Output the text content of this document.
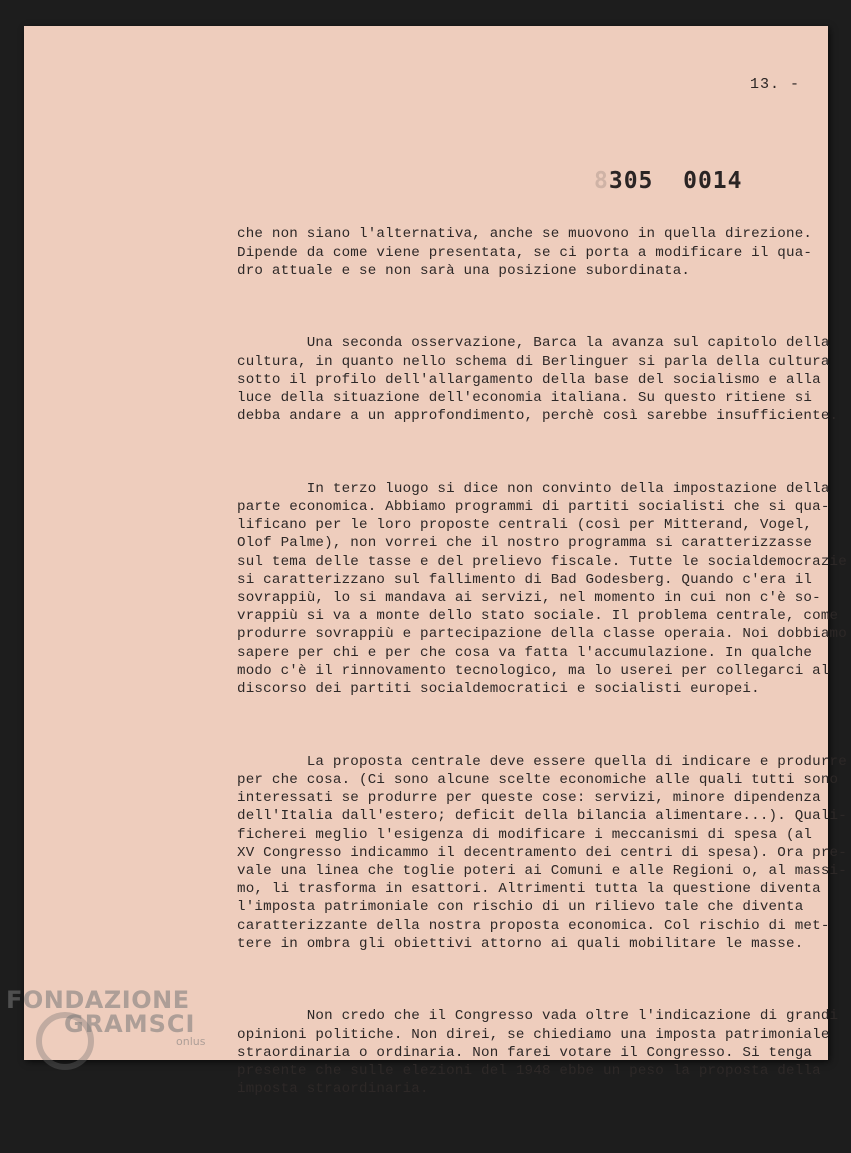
13. -
8305 0014

che non siano l'alternativa, anche se muovono in quella direzione.
Dipende da come viene presentata, se ci porta a modificare il qua-
dro attuale e se non sarà una posizione subordinata.

Una seconda osservazione, Barca la avanza sul capitolo della
cultura, in quanto nello schema di Berlinguer si parla della cultura
sotto il profilo dell'allargamento della base del socialismo e alla
luce della situazione dell'economia italiana. Su questo ritiene si
debba andare a un approfondimento, perchè così sarebbe insufficiente.

In terzo luogo si dice non convinto della impostazione della
parte economica. Abbiamo programmi di partiti socialisti che si qua-
lificano per le loro proposte centrali (così per Mitterand, Vogel,
Olof Palme), non vorrei che il nostro programma si caratterizzasse
sul tema delle tasse e del prelievo fiscale. Tutte le socialdemocrazie
si caratterizzano sul fallimento di Bad Godesberg. Quando c'era il
sovrappiù, lo si mandava ai servizi, nel momento in cui non c'è so-
vrappiù si va a monte dello stato sociale. Il problema centrale, come
produrre sovrappiù e partecipazione della classe operaia. Noi dobbiamo
sapere per chi e per che cosa va fatta l'accumulazione. In qualche
modo c'è il rinnovamento tecnologico, ma lo userei per collegarci al
discorso dei partiti socialdemocratici e socialisti europei.

La proposta centrale deve essere quella di indicare e produrre
per che cosa. (Ci sono alcune scelte economiche alle quali tutti sono
interessati se produrre per queste cose: servizi, minore dipendenza
dell'Italia dall'estero; deficit della bilancia alimentare...). Quali-
ficherei meglio l'esigenza di modificare i meccanismi di spesa (al
XV Congresso indicammo il decentramento dei centri di spesa). Ora pre-
vale una linea che toglie poteri ai Comuni e alle Regioni o, al massi-
mo, li trasforma in esattori. Altrimenti tutta la questione diventa
l'imposta patrimoniale con rischio di un rilievo tale che diventa
caratterizzante della nostra proposta economica. Col rischio di met-
tere in ombra gli obiettivi attorno ai quali mobilitare le masse.

Non credo che il Congresso vada oltre l'indicazione di grandi
opinioni politiche. Non direi, se chiediamo una imposta patrimoniale
straordinaria o ordinaria. Non farei votare il Congresso. Si tenga
presente che sulle elezioni del 1948 ebbe un peso la proposta della
imposta straordinaria.

FONDAZIONE
GRAMSCI
onlus
